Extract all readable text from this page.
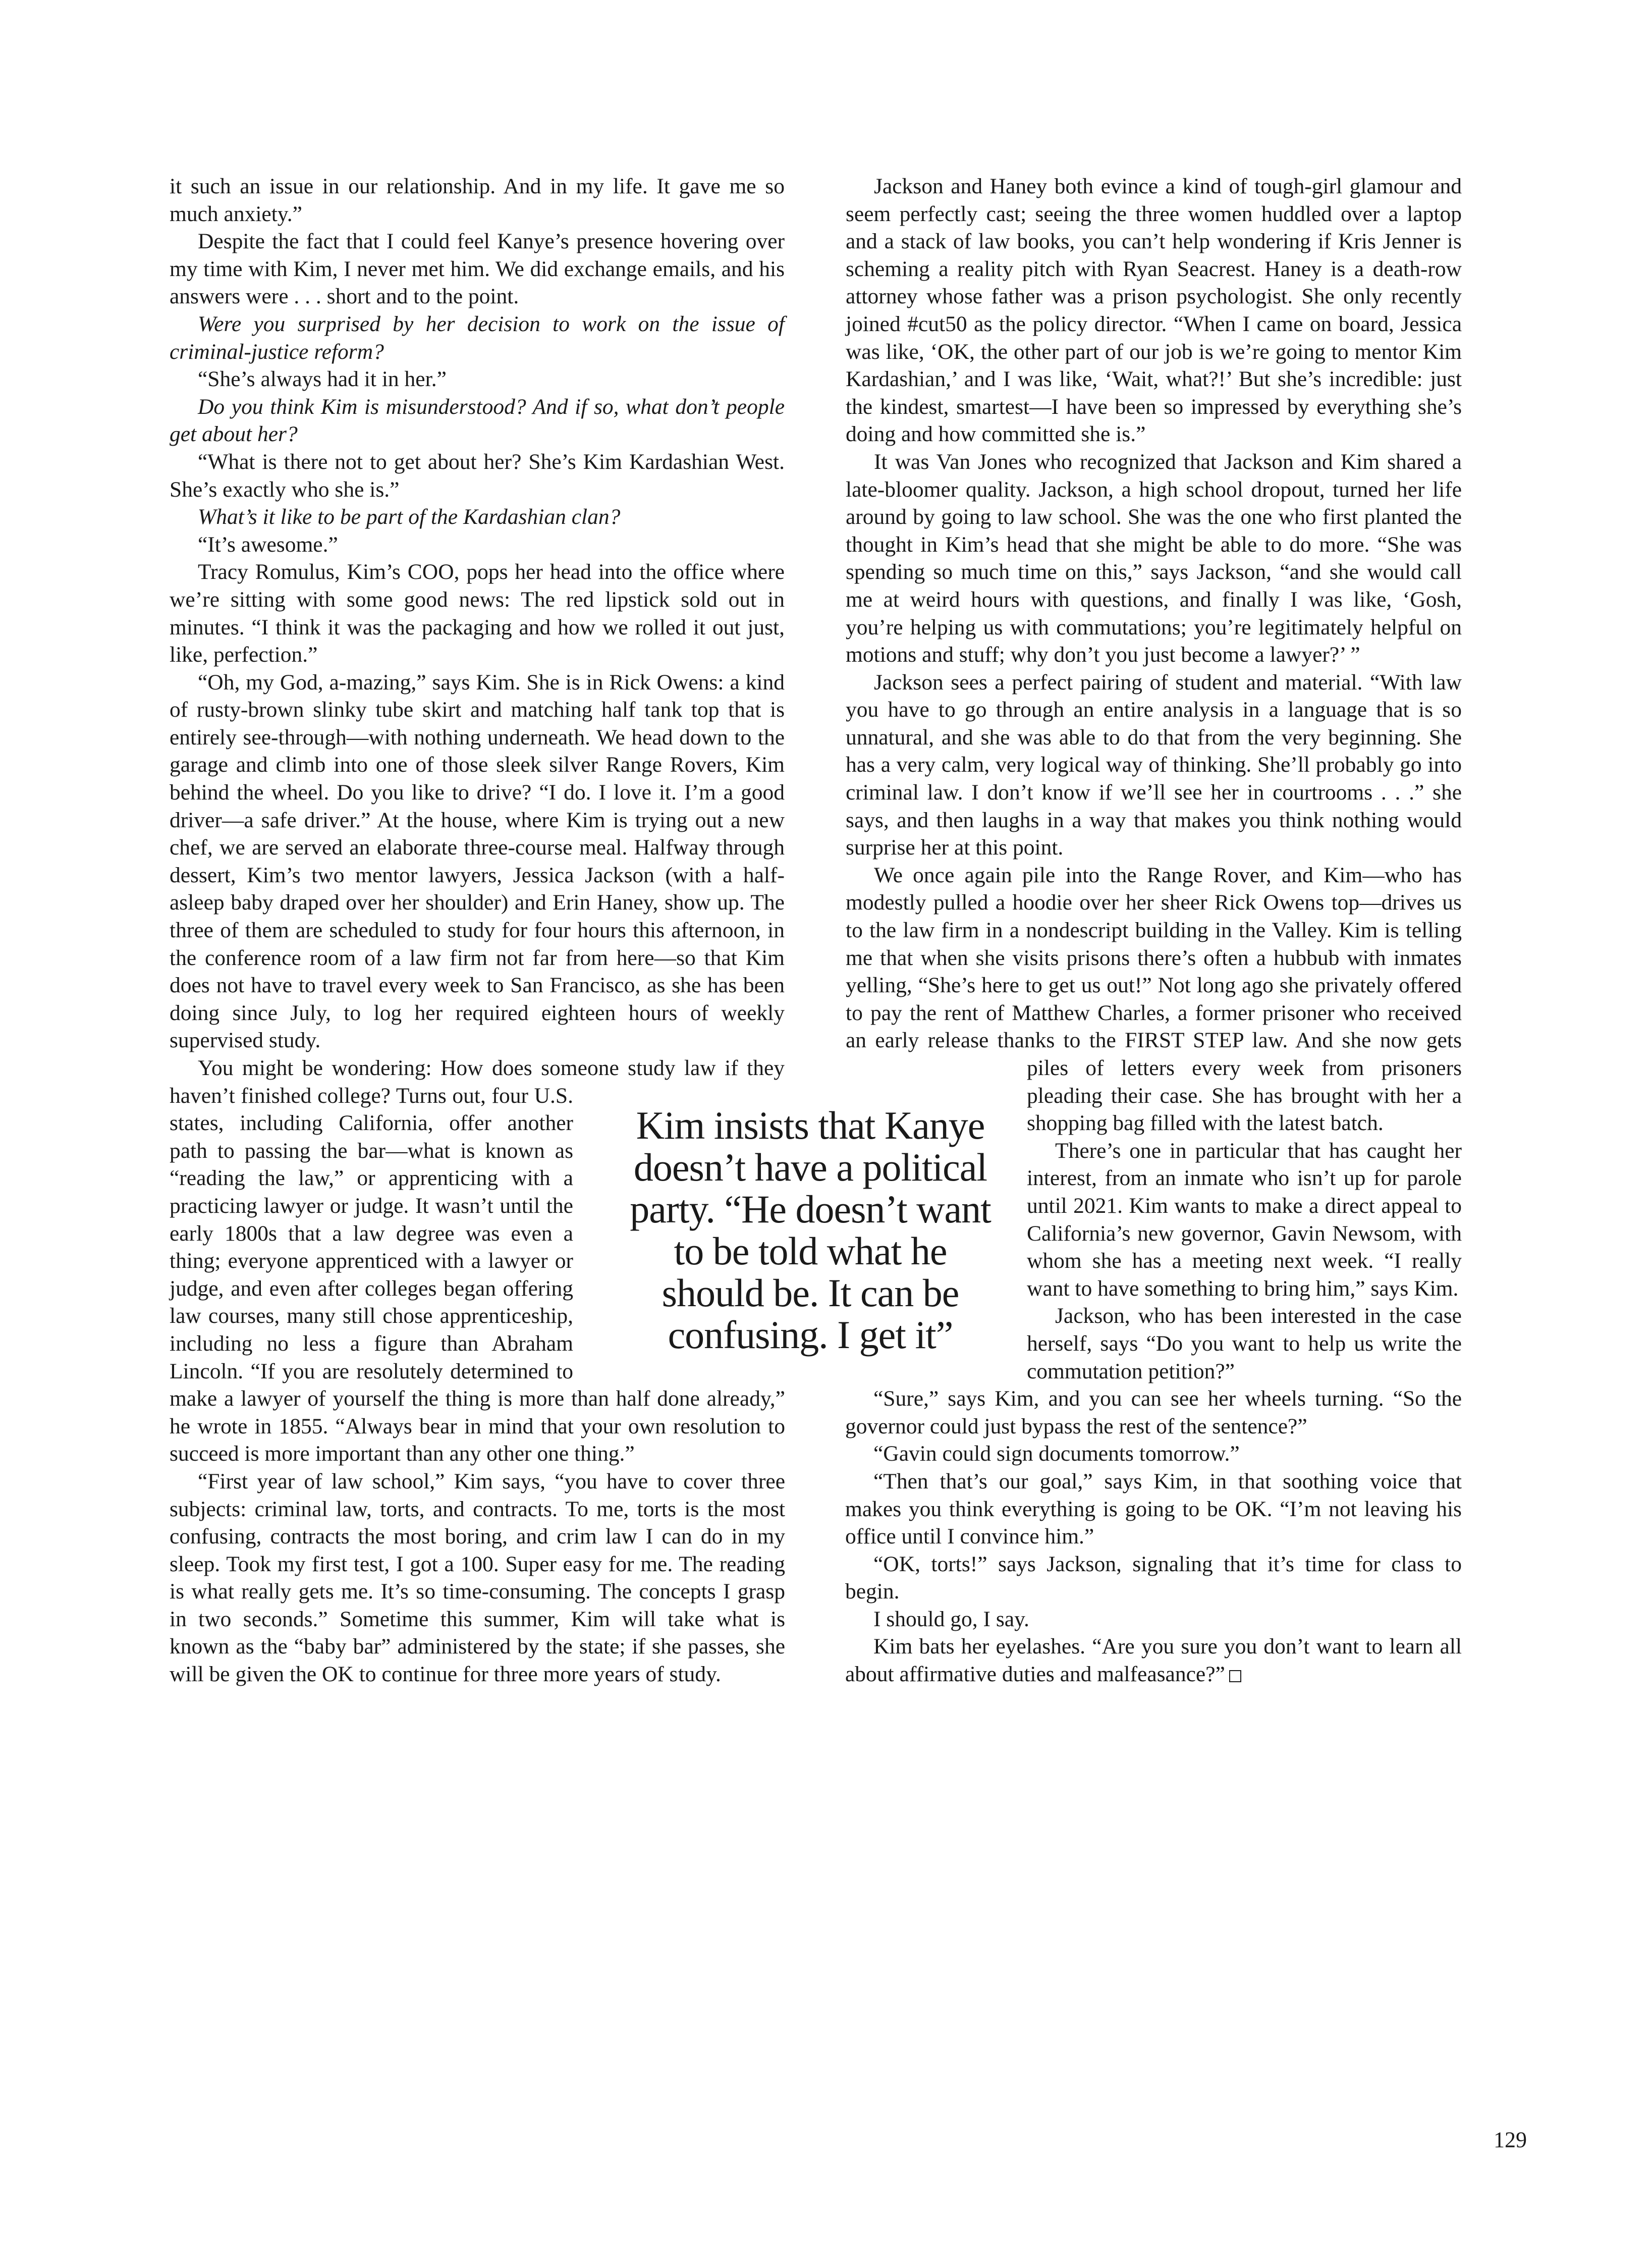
it such an issue in our relationship. And in my life. It gave me so much anxiety.”

Despite the fact that I could feel Kanye’s presence hovering over my time with Kim, I never met him. We did exchange emails, and his answers were . . . short and to the point.

Were you surprised by her decision to work on the issue of criminal-justice reform?

“She’s always had it in her.”

Do you think Kim is misunderstood? And if so, what don’t people get about her?

“What is there not to get about her? She’s Kim Kardashian West. She’s exactly who she is.”

What’s it like to be part of the Kardashian clan?

“It’s awesome.”

Tracy Romulus, Kim’s COO, pops her head into the office where we’re sitting with some good news: The red lipstick sold out in minutes. “I think it was the packaging and how we rolled it out just, like, perfection.”

“Oh, my God, a-mazing,” says Kim. She is in Rick Owens: a kind of rusty-brown slinky tube skirt and matching half tank top that is entirely see-through—with nothing underneath. We head down to the garage and climb into one of those sleek silver Range Rovers, Kim behind the wheel. Do you like to drive? “I do. I love it. I’m a good driver—a safe driver.” At the house, where Kim is trying out a new chef, we are served an elaborate three-course meal. Halfway through dessert, Kim’s two mentor lawyers, Jessica Jackson (with a half-asleep baby draped over her shoulder) and Erin Haney, show up. The three of them are scheduled to study for four hours this afternoon, in the conference room of a law firm not far from here—so that Kim does not have to travel every week to San Francisco, as she has been doing since July, to log her required eighteen hours of weekly supervised study.

You might be wondering: How does someone study law if they haven’t finished college? Turns out, four U.S. states, including California, offer another path to passing the bar—what is known as “reading the law,” or apprenticing with a practicing lawyer or judge. It wasn’t until the early 1800s that a law degree was even a thing; everyone apprenticed with a lawyer or judge, and even after colleges began offering law courses, many still chose apprenticeship, including no less a figure than Abraham Lincoln. “If you are resolutely determined to make a lawyer of yourself the thing is more than half done already,” he wrote in 1855. “Always bear in mind that your own resolution to succeed is more important than any other one thing.”

“First year of law school,” Kim says, “you have to cover three subjects: criminal law, torts, and contracts. To me, torts is the most confusing, contracts the most boring, and crim law I can do in my sleep. Took my first test, I got a 100. Super easy for me. The reading is what really gets me. It’s so time-consuming. The concepts I grasp in two seconds.” Sometime this summer, Kim will take what is known as the “baby bar” administered by the state; if she passes, she will be given the OK to continue for three more years of study.

Jackson and Haney both evince a kind of tough-girl glamour and seem perfectly cast; seeing the three women huddled over a laptop and a stack of law books, you can’t help wondering if Kris Jenner is scheming a reality pitch with Ryan Seacrest. Haney is a death-row attorney whose father was a prison psychologist. She only recently joined #cut50 as the policy director. “When I came on board, Jessica was like, ‘OK, the other part of our job is we’re going to mentor Kim Kardashian,’ and I was like, ‘Wait, what?!’ But she’s incredible: just the kindest, smartest—I have been so impressed by everything she’s doing and how committed she is.”

It was Van Jones who recognized that Jackson and Kim shared a late-bloomer quality. Jackson, a high school dropout, turned her life around by going to law school. She was the one who first planted the thought in Kim’s head that she might be able to do more. “She was spending so much time on this,” says Jackson, “and she would call me at weird hours with questions, and finally I was like, ‘Gosh, you’re helping us with commutations; you’re legitimately helpful on motions and stuff; why don’t you just become a lawyer?’ ”

Jackson sees a perfect pairing of student and material. “With law you have to go through an entire analysis in a language that is so unnatural, and she was able to do that from the very beginning. She has a very calm, very logical way of thinking. She’ll probably go into criminal law. I don’t know if we’ll see her in courtrooms . . .” she says, and then laughs in a way that makes you think nothing would surprise her at this point.

We once again pile into the Range Rover, and Kim—who has modestly pulled a hoodie over her sheer Rick Owens top—drives us to the law firm in a nondescript building in the Valley. Kim is telling me that when she visits prisons there’s often a hubbub with inmates yelling, “She’s here to get us out!” Not long ago she privately offered to pay the rent of Matthew Charles, a former prisoner who received an early release thanks to the FIRST STEP law. And she now gets piles of letters every week from prisoners pleading their case. She has brought with her a shopping bag filled with the latest batch.

There’s one in particular that has caught her interest, from an inmate who isn’t up for parole until 2021. Kim wants to make a direct appeal to California’s new governor, Gavin Newsom, with whom she has a meeting next week. “I really want to have something to bring him,” says Kim.

Jackson, who has been interested in the case herself, says “Do you want to help us write the commutation petition?”

“Sure,” says Kim, and you can see her wheels turning. “So the governor could just bypass the rest of the sentence?”

“Gavin could sign documents tomorrow.”

“Then that’s our goal,” says Kim, in that soothing voice that makes you think everything is going to be OK. “I’m not leaving his office until I convince him.”

“OK, torts!” says Jackson, signaling that it’s time for class to begin.

I should go, I say.

Kim bats her eyelashes. “Are you sure you don’t want to learn all about affirmative duties and malfeasance?”

Kim insists that Kanye doesn’t have a political party. “He doesn’t want to be told what he should be. It can be confusing. I get it”
129
